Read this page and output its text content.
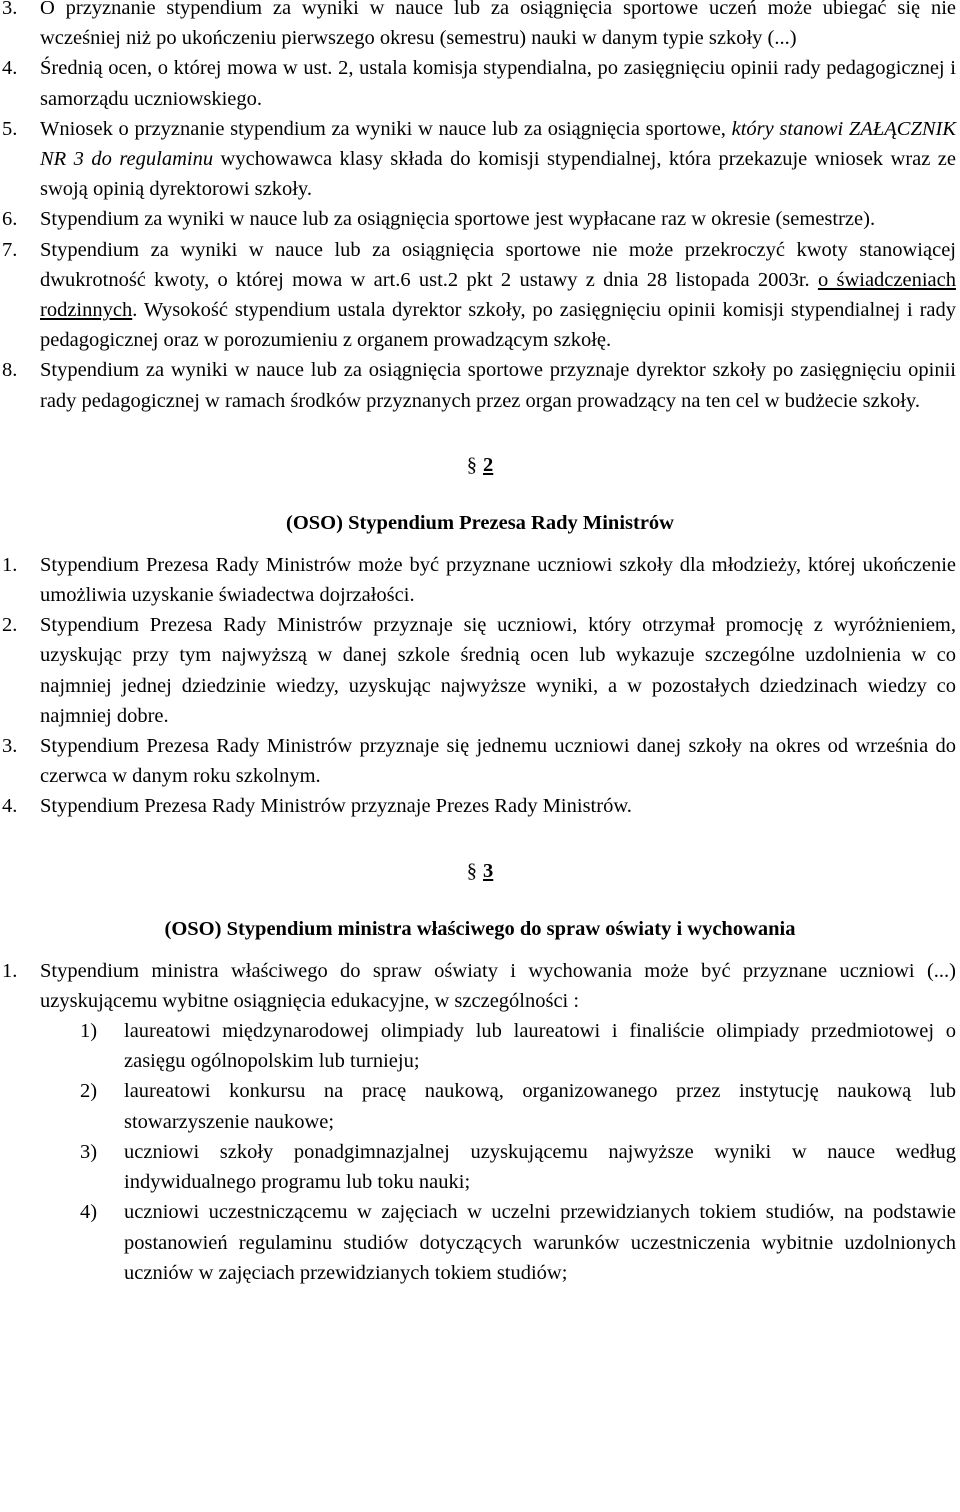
3. O przyznanie stypendium za wyniki w nauce lub za osiągnięcia sportowe uczeń może ubiegać się nie wcześniej niż po ukończeniu pierwszego okresu (semestru) nauki w danym typie szkoły (...)
4. Średnią ocen, o której mowa w ust. 2, ustala komisja stypendialna, po zasięgnięciu opinii rady pedagogicznej i samorządu uczniowskiego.
5. Wniosek o przyznanie stypendium za wyniki w nauce lub za osiągnięcia sportowe, który stanowi ZAŁĄCZNIK NR 3 do regulaminu wychowawca klasy składa do komisji stypendialnej, która przekazuje wniosek wraz ze swoją opinią dyrektorowi szkoły.
6. Stypendium za wyniki w nauce lub za osiągnięcia sportowe jest wypłacane raz w okresie (semestrze).
7. Stypendium za wyniki w nauce lub za osiągnięcia sportowe nie może przekroczyć kwoty stanowiącej dwukrotność kwoty, o której mowa w art.6 ust.2 pkt 2 ustawy z dnia 28 listopada 2003r. o świadczeniach rodzinnych. Wysokość stypendium ustala dyrektor szkoły, po zasięgnięciu opinii komisji stypendialnej i rady pedagogicznej oraz w porozumieniu z organem prowadzącym szkołę.
8. Stypendium za wyniki w nauce lub za osiągnięcia sportowe przyznaje dyrektor szkoły po zasięgnięciu opinii rady pedagogicznej w ramach środków przyznanych przez organ prowadzący na ten cel w budżecie szkoły.
§ 2
(OSO) Stypendium Prezesa Rady Ministrów
1. Stypendium Prezesa Rady Ministrów może być przyznane uczniowi szkoły dla młodzieży, której ukończenie umożliwia uzyskanie świadectwa dojrzałości.
2. Stypendium Prezesa Rady Ministrów przyznaje się uczniowi, który otrzymał promocję z wyróżnieniem, uzyskując przy tym najwyższą w danej szkole średnią ocen lub wykazuje szczególne uzdolnienia w co najmniej jednej dziedzinie wiedzy, uzyskując najwyższe wyniki, a w pozostałych dziedzinach wiedzy co najmniej dobre.
3. Stypendium Prezesa Rady Ministrów przyznaje się jednemu uczniowi danej szkoły na okres od września do czerwca w danym roku szkolnym.
4. Stypendium Prezesa Rady Ministrów przyznaje Prezes Rady Ministrów.
§ 3
(OSO) Stypendium ministra właściwego do spraw oświaty i wychowania
1. Stypendium ministra właściwego do spraw oświaty i wychowania może być przyznane uczniowi (...) uzyskującemu wybitne osiągnięcia edukacyjne, w szczególności :
1) laureatowi międzynarodowej olimpiady lub laureatowi i finaliście olimpiady przedmiotowej o zasięgu ogólnopolskim lub turnieju;
2) laureatowi konkursu na pracę naukową, organizowanego przez instytucję naukową lub stowarzyszenie naukowe;
3) uczniowi szkoły ponadgimnazjalnej uzyskującemu najwyższe wyniki w nauce według indywidualnego programu lub toku nauki;
4) uczniowi uczestniczącemu w zajęciach w uczelni przewidzianych tokiem studiów, na podstawie postanowień regulaminu studiów dotyczących warunków uczestniczenia wybitnie uzdolnionych uczniów w zajęciach przewidzianych tokiem studiów;
